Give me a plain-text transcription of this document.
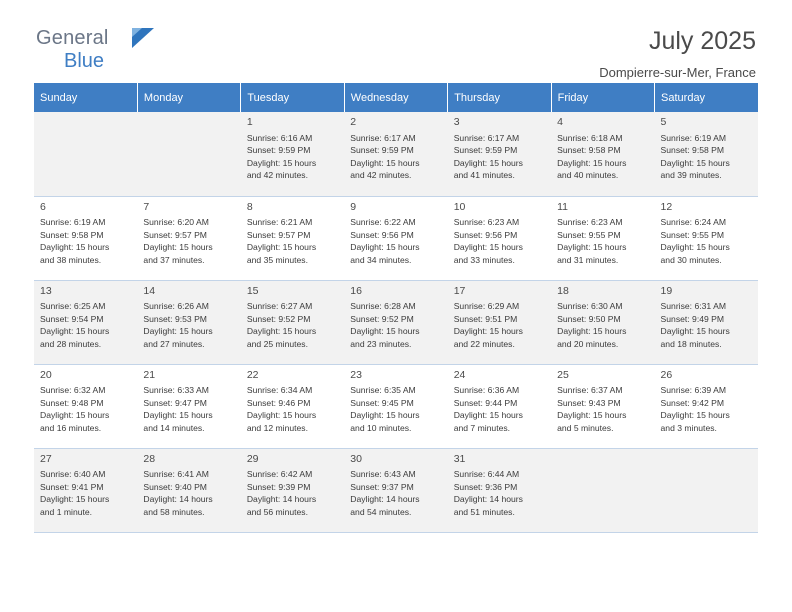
General
Blue
July 2025
Dompierre-sur-Mer, France
Sunday	Monday	Tuesday	Wednesday	Thursday	Friday	Saturday

		1
Sunrise: 6:16 AM
Sunset: 9:59 PM
Daylight: 15 hours
and 42 minutes.	2
Sunrise: 6:17 AM
Sunset: 9:59 PM
Daylight: 15 hours
and 42 minutes.	3
Sunrise: 6:17 AM
Sunset: 9:59 PM
Daylight: 15 hours
and 41 minutes.	4
Sunrise: 6:18 AM
Sunset: 9:58 PM
Daylight: 15 hours
and 40 minutes.	5
Sunrise: 6:19 AM
Sunset: 9:58 PM
Daylight: 15 hours
and 39 minutes.

6
Sunrise: 6:19 AM
Sunset: 9:58 PM
Daylight: 15 hours
and 38 minutes.	7
Sunrise: 6:20 AM
Sunset: 9:57 PM
Daylight: 15 hours
and 37 minutes.	8
Sunrise: 6:21 AM
Sunset: 9:57 PM
Daylight: 15 hours
and 35 minutes.	9
Sunrise: 6:22 AM
Sunset: 9:56 PM
Daylight: 15 hours
and 34 minutes.	10
Sunrise: 6:23 AM
Sunset: 9:56 PM
Daylight: 15 hours
and 33 minutes.	11
Sunrise: 6:23 AM
Sunset: 9:55 PM
Daylight: 15 hours
and 31 minutes.	12
Sunrise: 6:24 AM
Sunset: 9:55 PM
Daylight: 15 hours
and 30 minutes.

13
Sunrise: 6:25 AM
Sunset: 9:54 PM
Daylight: 15 hours
and 28 minutes.	14
Sunrise: 6:26 AM
Sunset: 9:53 PM
Daylight: 15 hours
and 27 minutes.	15
Sunrise: 6:27 AM
Sunset: 9:52 PM
Daylight: 15 hours
and 25 minutes.	16
Sunrise: 6:28 AM
Sunset: 9:52 PM
Daylight: 15 hours
and 23 minutes.	17
Sunrise: 6:29 AM
Sunset: 9:51 PM
Daylight: 15 hours
and 22 minutes.	18
Sunrise: 6:30 AM
Sunset: 9:50 PM
Daylight: 15 hours
and 20 minutes.	19
Sunrise: 6:31 AM
Sunset: 9:49 PM
Daylight: 15 hours
and 18 minutes.

20
Sunrise: 6:32 AM
Sunset: 9:48 PM
Daylight: 15 hours
and 16 minutes.	21
Sunrise: 6:33 AM
Sunset: 9:47 PM
Daylight: 15 hours
and 14 minutes.	22
Sunrise: 6:34 AM
Sunset: 9:46 PM
Daylight: 15 hours
and 12 minutes.	23
Sunrise: 6:35 AM
Sunset: 9:45 PM
Daylight: 15 hours
and 10 minutes.	24
Sunrise: 6:36 AM
Sunset: 9:44 PM
Daylight: 15 hours
and 7 minutes.	25
Sunrise: 6:37 AM
Sunset: 9:43 PM
Daylight: 15 hours
and 5 minutes.	26
Sunrise: 6:39 AM
Sunset: 9:42 PM
Daylight: 15 hours
and 3 minutes.

27
Sunrise: 6:40 AM
Sunset: 9:41 PM
Daylight: 15 hours
and 1 minute.	28
Sunrise: 6:41 AM
Sunset: 9:40 PM
Daylight: 14 hours
and 58 minutes.	29
Sunrise: 6:42 AM
Sunset: 9:39 PM
Daylight: 14 hours
and 56 minutes.	30
Sunrise: 6:43 AM
Sunset: 9:37 PM
Daylight: 14 hours
and 54 minutes.	31
Sunrise: 6:44 AM
Sunset: 9:36 PM
Daylight: 14 hours
and 51 minutes.		
